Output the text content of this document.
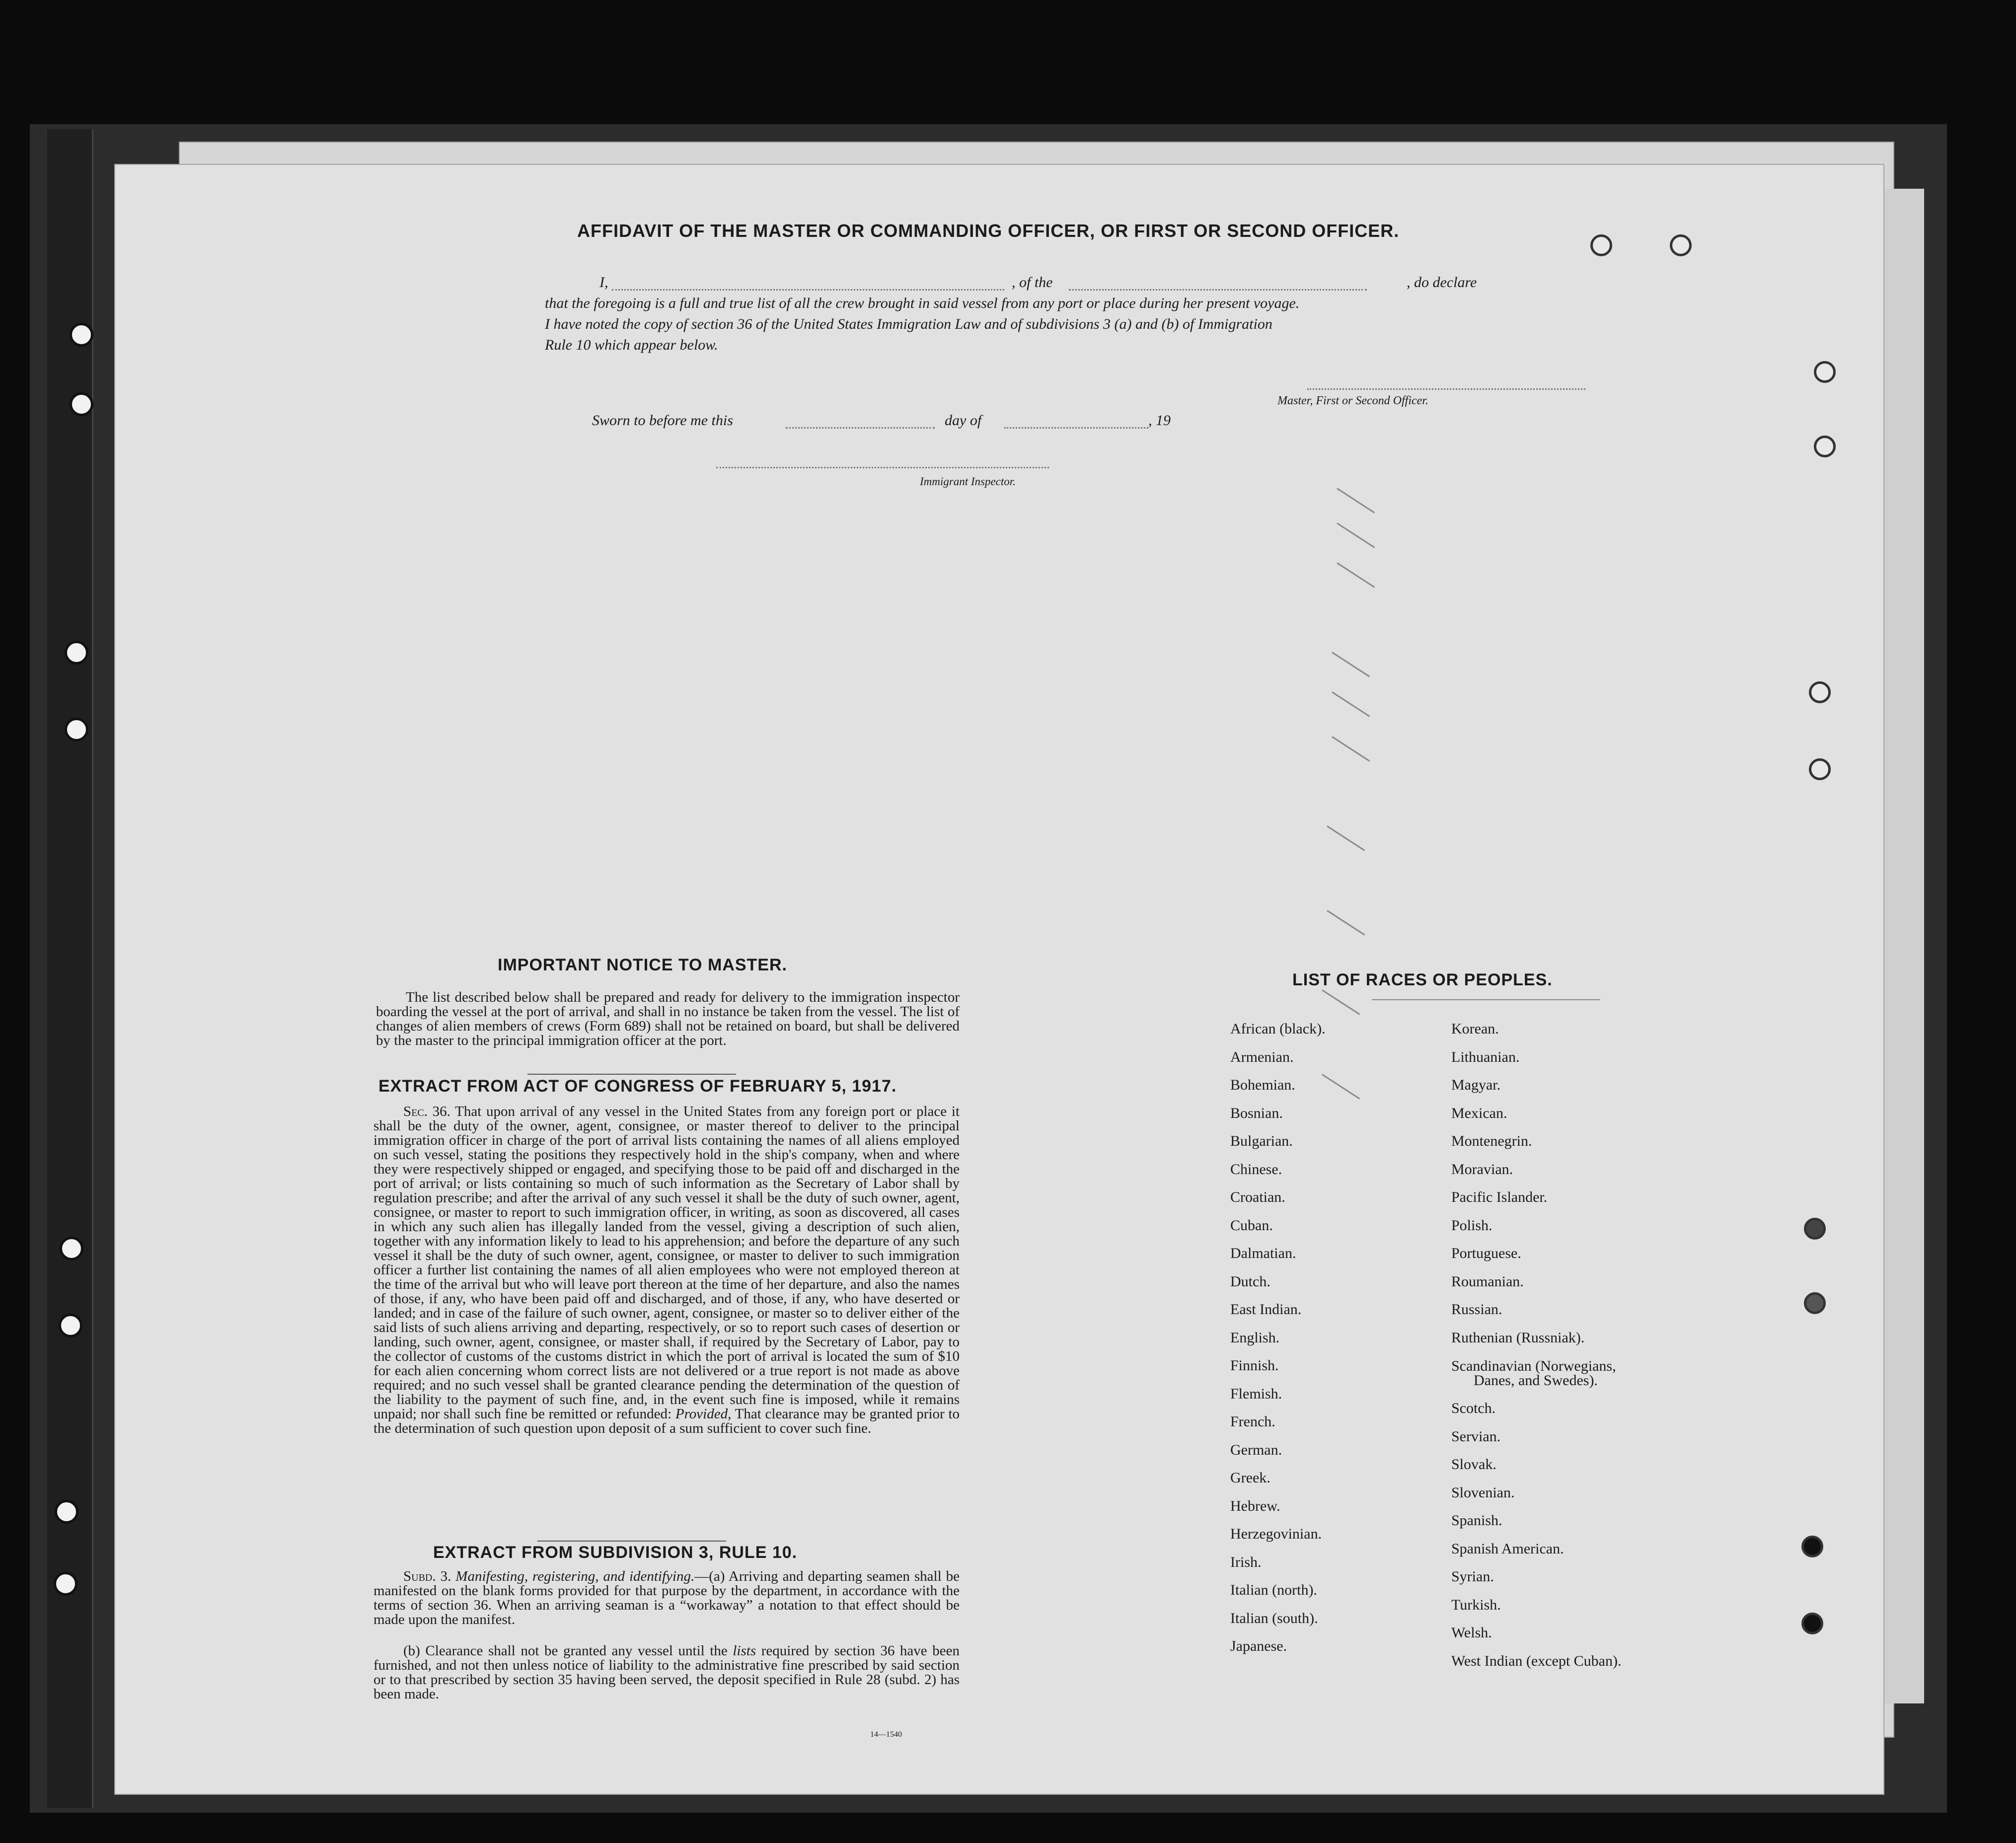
AFFIDAVIT OF THE MASTER OR COMMANDING OFFICER, OR FIRST OR SECOND OFFICER.
I,	, of the	, do declare
that the foregoing is a full and true list of all the crew brought in said vessel from any port or place during her present voyage.
I have noted the copy of section 36 of the United States Immigration Law and of subdivisions 3 (a) and (b) of Immigration
Rule 10 which appear below.
Master, First or Second Officer.
Sworn to before me this	day of	, 19
Immigrant Inspector.
IMPORTANT NOTICE TO MASTER.
The list described below shall be prepared and ready for delivery to the immigration inspector boarding the vessel at the port of arrival, and shall in no instance be taken from the vessel. The list of changes of alien members of crews (Form 689) shall not be retained on board, but shall be delivered by the master to the principal immigration officer at the port.
EXTRACT FROM ACT OF CONGRESS OF FEBRUARY 5, 1917.
Sec. 36. That upon arrival of any vessel in the United States from any foreign port or place it shall be the duty of the owner, agent, consignee, or master thereof to deliver to the principal immigration officer in charge of the port of arrival lists containing the names of all aliens employed on such vessel, stating the positions they respectively hold in the ship's company, when and where they were respectively shipped or engaged, and specifying those to be paid off and discharged in the port of arrival; or lists containing so much of such information as the Secretary of Labor shall by regulation prescribe; and after the arrival of any such vessel it shall be the duty of such owner, agent, consignee, or master to report to such immigration officer, in writing, as soon as discovered, all cases in which any such alien has illegally landed from the vessel, giving a description of such alien, together with any information likely to lead to his apprehension; and before the departure of any such vessel it shall be the duty of such owner, agent, consignee, or master to deliver to such immigration officer a further list containing the names of all alien employees who were not employed thereon at the time of the arrival but who will leave port thereon at the time of her departure, and also the names of those, if any, who have been paid off and discharged, and of those, if any, who have deserted or landed; and in case of the failure of such owner, agent, consignee, or master so to deliver either of the said lists of such aliens arriving and departing, respectively, or so to report such cases of desertion or landing, such owner, agent, consignee, or master shall, if required by the Secretary of Labor, pay to the collector of customs of the customs district in which the port of arrival is located the sum of $10 for each alien concerning whom correct lists are not delivered or a true report is not made as above required; and no such vessel shall be granted clearance pending the determination of the question of the liability to the payment of such fine, and, in the event such fine is imposed, while it remains unpaid; nor shall such fine be remitted or refunded: Provided, That clearance may be granted prior to the determination of such question upon deposit of a sum sufficient to cover such fine.
EXTRACT FROM SUBDIVISION 3, RULE 10.
Subd. 3. Manifesting, registering, and identifying.—(a) Arriving and departing seamen shall be manifested on the blank forms provided for that purpose by the department, in accordance with the terms of section 36. When an arriving seaman is a “workaway” a notation to that effect should be made upon the manifest.
(b) Clearance shall not be granted any vessel until the lists required by section 36 have been furnished, and not then unless notice of liability to the administrative fine prescribed by said section or to that prescribed by section 35 having been served, the deposit specified in Rule 28 (subd. 2) has been made.
14—1540
LIST OF RACES OR PEOPLES.
African (black).
Armenian.
Bohemian.
Bosnian.
Bulgarian.
Chinese.
Croatian.
Cuban.
Dalmatian.
Dutch.
East Indian.
English.
Finnish.
Flemish.
French.
German.
Greek.
Hebrew.
Herzegovinian.
Irish.
Italian (north).
Italian (south).
Japanese.
Korean.
Lithuanian.
Magyar.
Mexican.
Montenegrin.
Moravian.
Pacific Islander.
Polish.
Portuguese.
Roumanian.
Russian.
Ruthenian (Russniak).
Scandinavian (Norwegians,
Danes, and Swedes).
Scotch.
Servian.
Slovak.
Slovenian.
Spanish.
Spanish American.
Syrian.
Turkish.
Welsh.
West Indian (except Cuban).
